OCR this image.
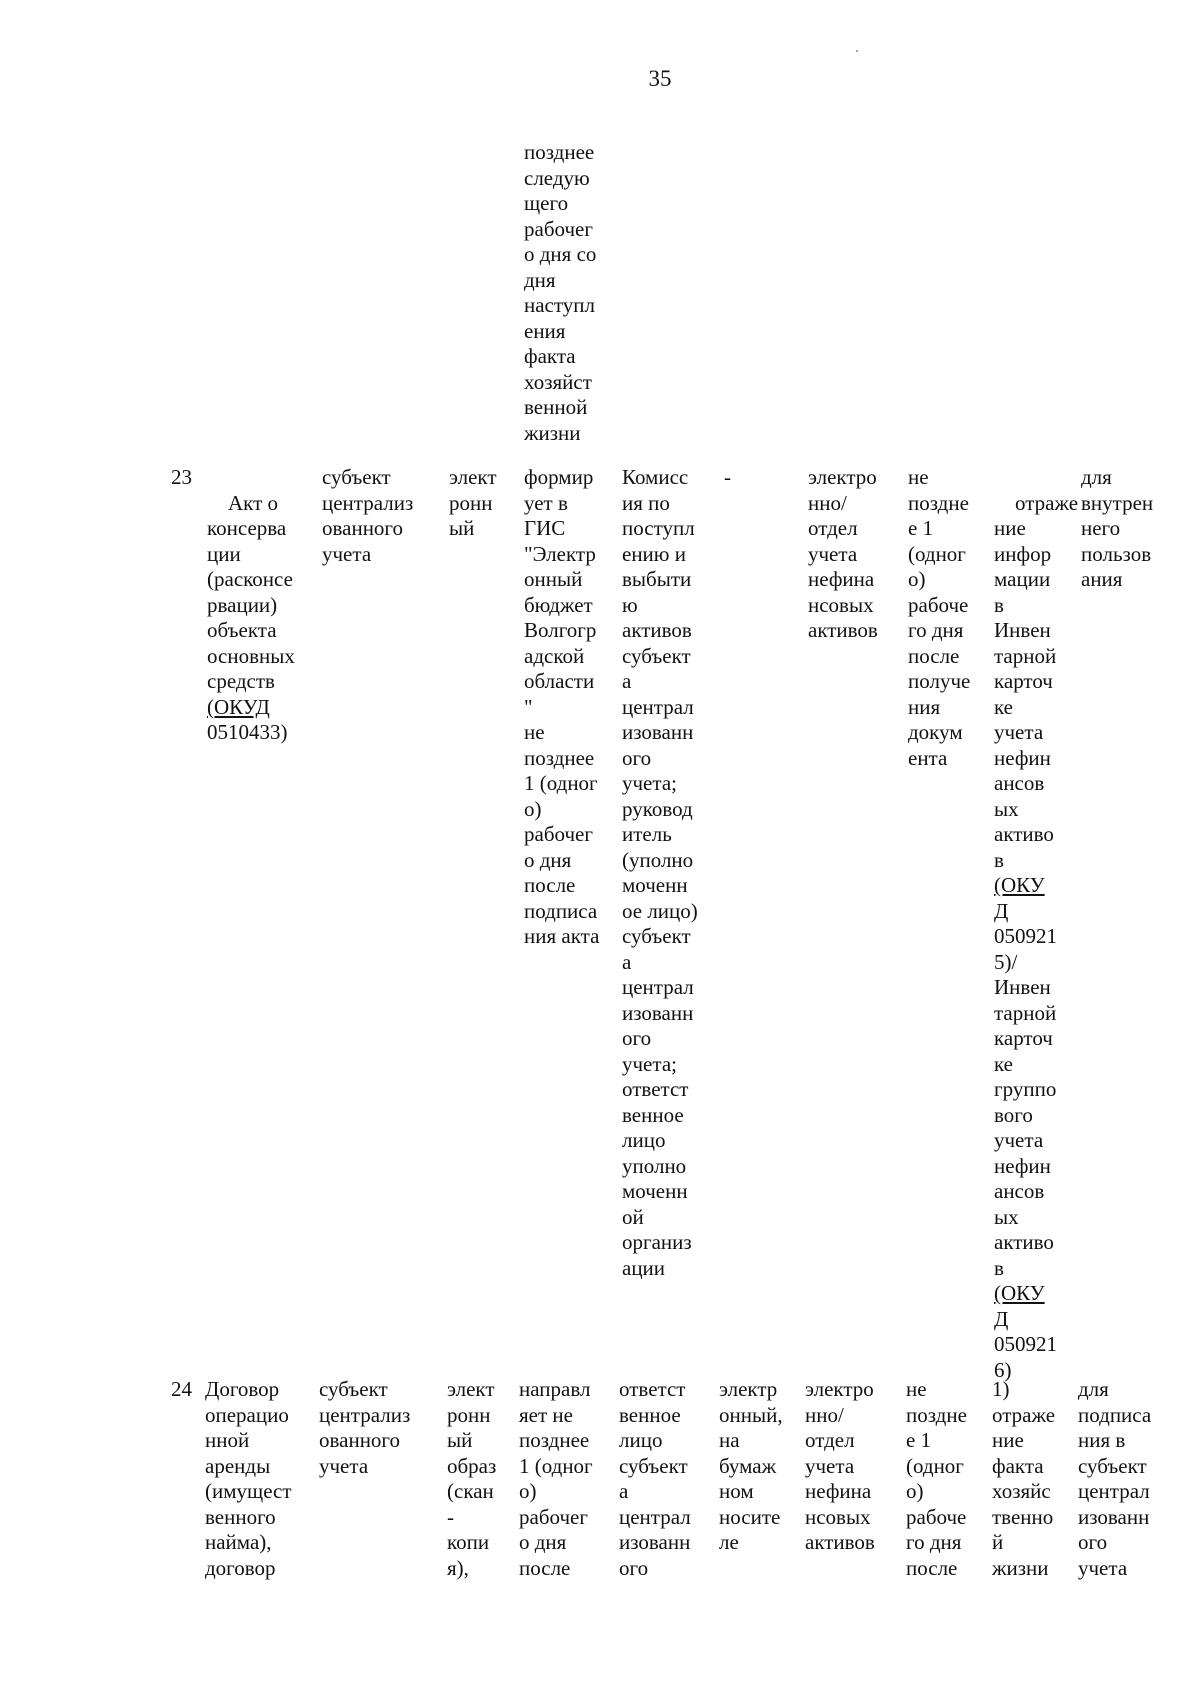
35
позднее
следую
щего
рабочег
о дня со
дня
наступл
ения
факта
хозяйст
венной
жизни
23

Акт о
консерва
ции
(расконсе
рвации)
объекта
основных
средств
(ОКУД
0510433)

субъект
централиз
ованного
учета
элект
ронн
ый
формир
ует в
ГИС
"Электр
онный
бюджет
Волгогр
адской
области
"
не
позднее
1 (одног
о)
рабочег
о дня
после
подписа
ния акта
Комисс
ия по
поступл
ению и
выбыти
ю
активов
субъект
а
централ
изованн
ого
учета;
руковод
итель
(уполно
моченн
ое лицо)
субъект
а
централ
изованн
ого
учета;
ответст
венное
лицо
уполно
моченн
ой
организ
ации
-	электро
нно/
отдел
учета
нефина
нсовых
активов
не
поздне
е 1
(одног
о)
рабоче
го дня
после
получе
ния
докум
ента

отраже
ние
инфор
мации
в
Инвен
тарной
карточ
ке
учета
нефин
ансов
ых
активо
в
(ОКУ
Д
050921
5)/
Инвен
тарной
карточ
ке
группо
вого
учета
нефин
ансов
ых
активо
в
(ОКУ
Д
050921
6)

для
внутрен
него
пользов
ания
24 Договор
операцио
нной
аренды
(имущест
венного
найма),
договор
субъект
централиз
ованного
учета
элект
ронн
ый
образ
(скан
-
копи
я),
направл
яет не
позднее
1 (одног
о)
рабочег
о дня
после
ответст
венное
лицо
субъект
а
централ
изованн
ого
электр
онный,
на
бумаж
ном
носите
ле
электро
нно/
отдел
учета
нефина
нсовых
активов
не
поздне
е 1
(одног
о)
рабоче
го дня
после
1)
отраже
ние
факта
хозяйс
твенно
й
жизни
для
подписа
ния в
субъект
централ
изованн
ого
учета
